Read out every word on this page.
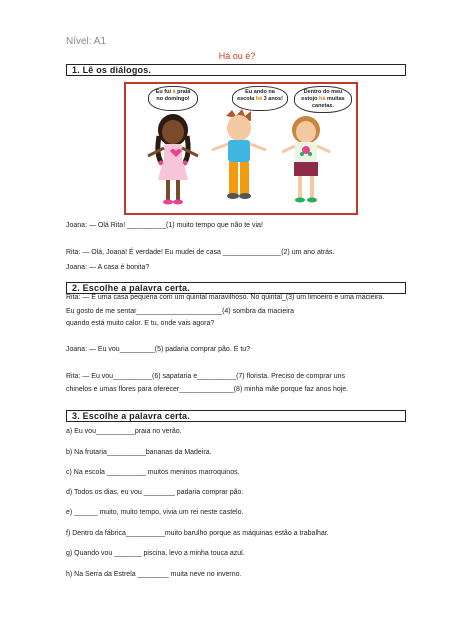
Nível: A1
Há ou é?
1. Lê os diálogos.
Eu fui à praia no domingo!
Eu ando na escola há 3 anos!
Dentro do meu estojo há muitas canetas.
Joana: — Olá Rita! __________(1) muito tempo que não te via!
Rita: — Olá, Joana! É verdade! Eu mudei de casa _______________(2) um ano atrás.
Joana: — A casa é bonita?
2. Escolhe a palavra certa.
Rita: — É uma casa pequena com um quintal maravilhoso. No quintal_(3) um limoeiro e uma macieira.
Eu gosto de me sentar______________________(4) sombra da macieira
quando está muito calor. E tu, onde vais agora?
Joana: — Eu vou_________(5) padaria comprar pão. E tu?
Rita: — Eu vou__________(6) sapataria e__________(7) florista. Preciso de comprar uns
chinelos e umas flores para oferecer______________(8) minha mãe porque faz anos hoje.
3. Escolhe a palavra certa.
a) Eu vou__________praia no verão.
b) Na frutaria__________bananas da Madeira.
c) Na escola __________ muitos meninos marroquinos.
d) Todos os dias, eu vou ________ padaria comprar pão.
e) ______ muito, muito tempo, vivia um rei neste castelo.
f) Dentro da fábrica__________muito barulho porque as máquinas estão a trabalhar.
g) Quando vou _______ piscina, levo a minha touca azul.
h) Na Serra da Estrela ________ muita neve no inverno.
